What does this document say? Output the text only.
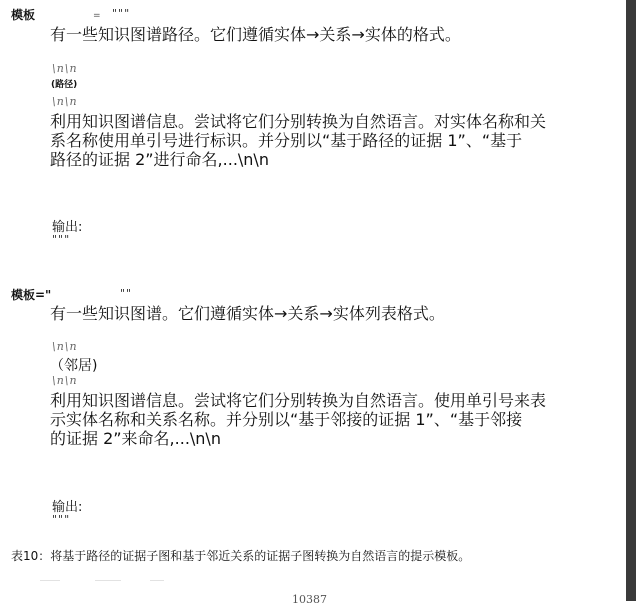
模板	= """
有一些知识图谱路径。它们遵循实体→关系→实体的格式。
\n\n
(路径)
\n\n
利用知识图谱信息。尝试将它们分别转换为自然语言。对实体名称和关
系名称使用单引号进行标识。并分别以“基于路径的证据 1”、“基于
路径的证据 2”进行命名,...\n\n
输出:
"""
模板="	""
有一些知识图谱。它们遵循实体→关系→实体列表格式。
\n\n
（邻居)
\n\n
利用知识图谱信息。尝试将它们分别转换为自然语言。使用单引号来表
示实体名称和关系名称。并分别以“基于邻接的证据 1”、“基于邻接
的证据 2”来命名,...\n\n
输出:
"""
表10：将基于路径的证据子图和基于邻近关系的证据子图转换为自然语言的提示模板。
10387
